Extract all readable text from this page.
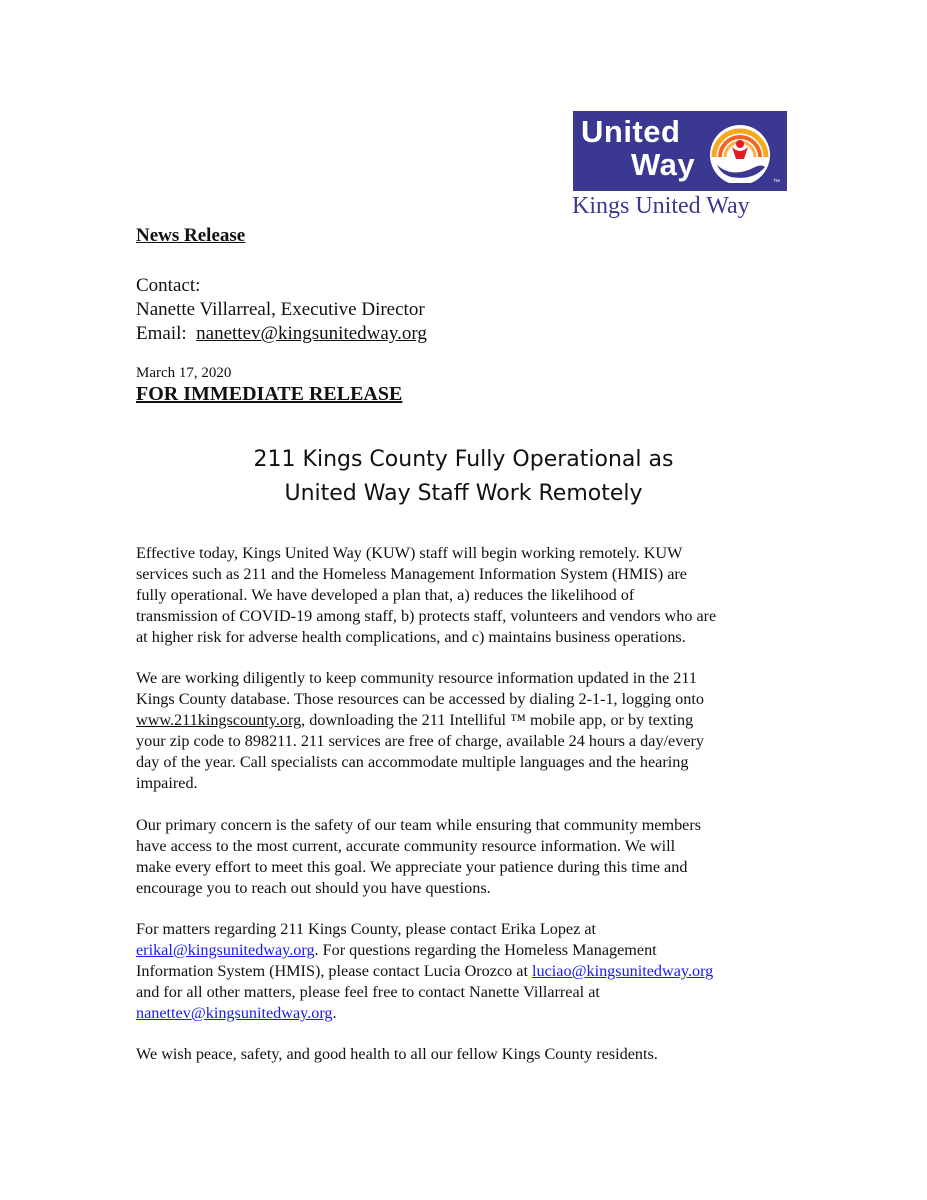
United
Way
™
Kings United Way
News Release
Contact:
Nanette Villarreal, Executive Director
Email:  nanettev@kingsunitedway.org
March 17, 2020
FOR IMMEDIATE RELEASE
211 Kings County Fully Operational as
United Way Staff Work Remotely
Effective today, Kings United Way (KUW) staff will begin working remotely. KUW
services such as 211 and the Homeless Management Information System (HMIS) are
fully operational. We have developed a plan that, a) reduces the likelihood of
transmission of COVID-19 among staff, b) protects staff, volunteers and vendors who are
at higher risk for adverse health complications, and c) maintains business operations.
We are working diligently to keep community resource information updated in the 211
Kings County database. Those resources can be accessed by dialing 2-1-1, logging onto
www.211kingscounty.org, downloading the 211 Intelliful ™ mobile app, or by texting
your zip code to 898211. 211 services are free of charge, available 24 hours a day/every
day of the year. Call specialists can accommodate multiple languages and the hearing
impaired.
Our primary concern is the safety of our team while ensuring that community members
have access to the most current, accurate community resource information. We will
make every effort to meet this goal. We appreciate your patience during this time and
encourage you to reach out should you have questions.
For matters regarding 211 Kings County, please contact Erika Lopez at
erikal@kingsunitedway.org. For questions regarding the Homeless Management
Information System (HMIS), please contact Lucia Orozco at luciao@kingsunitedway.org
and for all other matters, please feel free to contact Nanette Villarreal at
nanettev@kingsunitedway.org.
We wish peace, safety, and good health to all our fellow Kings County residents.
